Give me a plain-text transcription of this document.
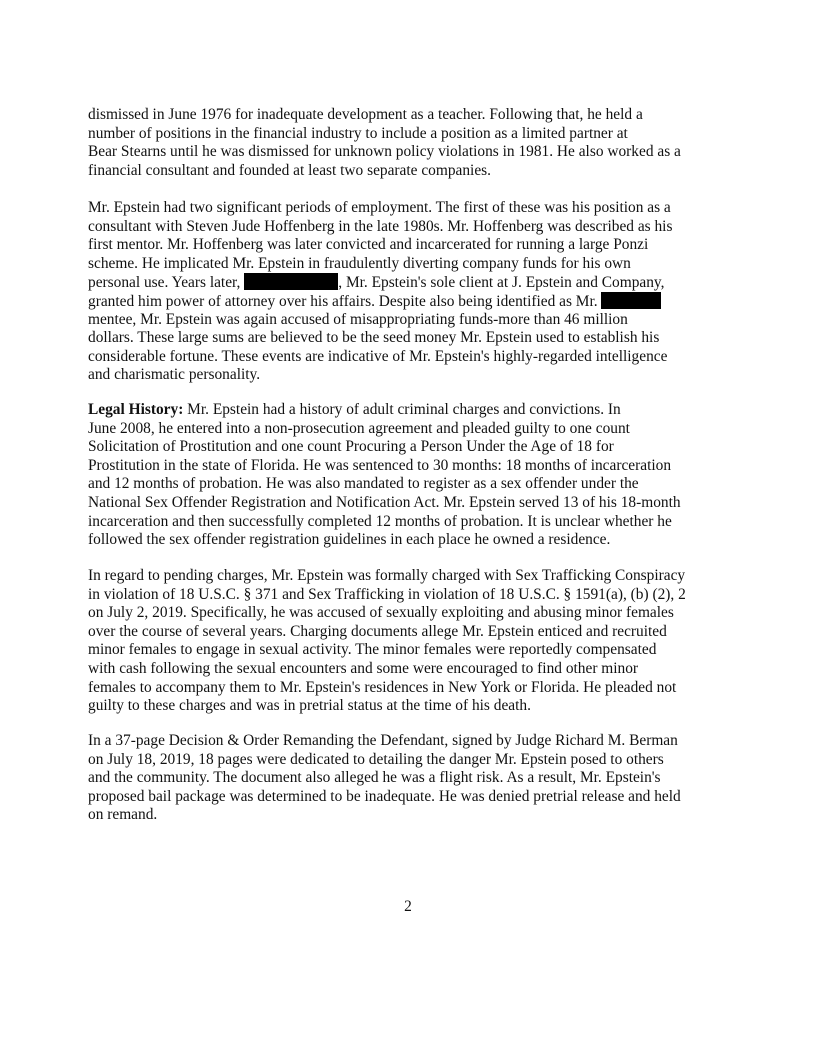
dismissed in June 1976 for inadequate development as a teacher. Following that, he held a
number of positions in the financial industry to include a position as a limited partner at
Bear Stearns until he was dismissed for unknown policy violations in 1981. He also worked as a
financial consultant and founded at least two separate companies.
Mr. Epstein had two significant periods of employment. The first of these was his position as a
consultant with Steven Jude Hoffenberg in the late 1980s. Mr. Hoffenberg was described as his
first mentor. Mr. Hoffenberg was later convicted and incarcerated for running a large Ponzi
scheme. He implicated Mr. Epstein in fraudulently diverting company funds for his own
personal use. Years later,	, Mr. Epstein's sole client at J. Epstein and Company,
granted him power of attorney over his affairs. Despite also being identified as Mr.
mentee, Mr. Epstein was again accused of misappropriating funds-more than 46 million
dollars. These large sums are believed to be the seed money Mr. Epstein used to establish his
considerable fortune. These events are indicative of Mr. Epstein's highly-regarded intelligence
and charismatic personality.
Legal History: Mr. Epstein had a history of adult criminal charges and convictions. In
June 2008, he entered into a non-prosecution agreement and pleaded guilty to one count
Solicitation of Prostitution and one count Procuring a Person Under the Age of 18 for
Prostitution in the state of Florida. He was sentenced to 30 months: 18 months of incarceration
and 12 months of probation. He was also mandated to register as a sex offender under the
National Sex Offender Registration and Notification Act. Mr. Epstein served 13 of his 18-month
incarceration and then successfully completed 12 months of probation. It is unclear whether he
followed the sex offender registration guidelines in each place he owned a residence.
In regard to pending charges, Mr. Epstein was formally charged with Sex Trafficking Conspiracy
in violation of 18 U.S.C. § 371 and Sex Trafficking in violation of 18 U.S.C. § 1591(a), (b) (2), 2
on July 2, 2019. Specifically, he was accused of sexually exploiting and abusing minor females
over the course of several years. Charging documents allege Mr. Epstein enticed and recruited
minor females to engage in sexual activity. The minor females were reportedly compensated
with cash following the sexual encounters and some were encouraged to find other minor
females to accompany them to Mr. Epstein's residences in New York or Florida. He pleaded not
guilty to these charges and was in pretrial status at the time of his death.
In a 37-page Decision & Order Remanding the Defendant, signed by Judge Richard M. Berman
on July 18, 2019, 18 pages were dedicated to detailing the danger Mr. Epstein posed to others
and the community. The document also alleged he was a flight risk. As a result, Mr. Epstein's
proposed bail package was determined to be inadequate. He was denied pretrial release and held
on remand.
2
